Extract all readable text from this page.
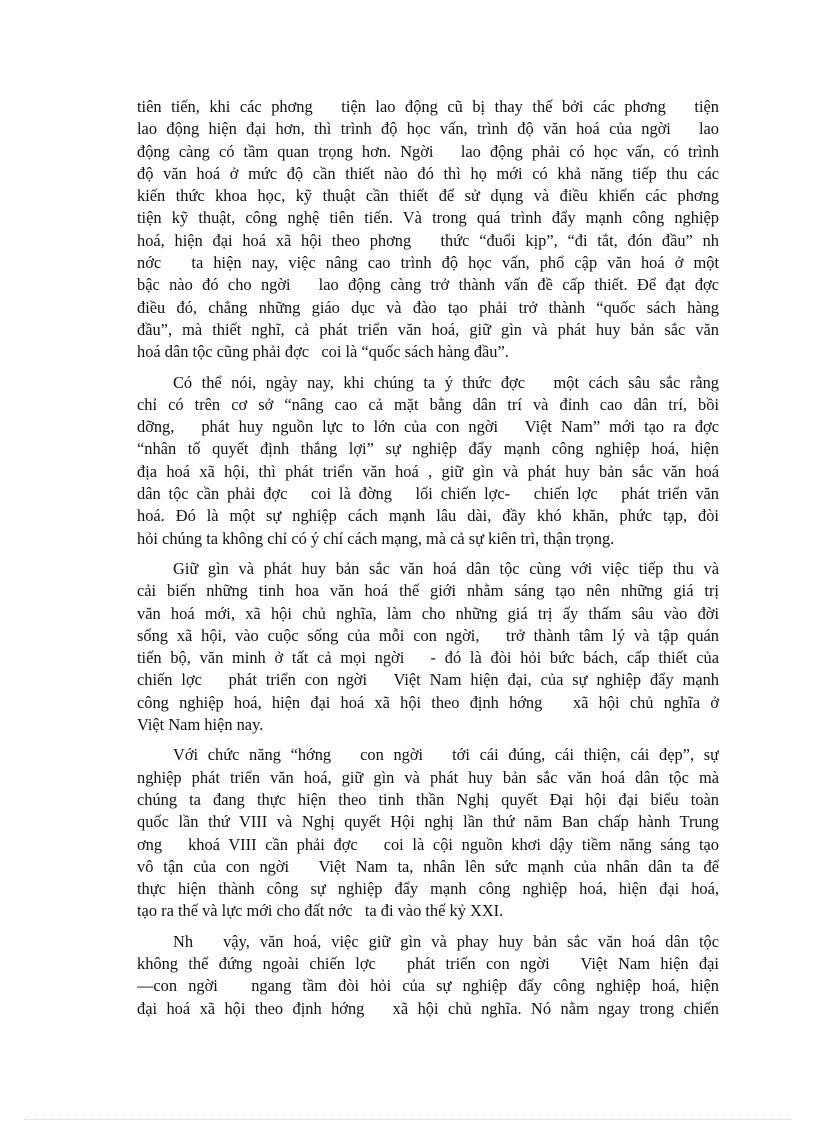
tiên tiến, khi các phơng   tiện lao động cũ bị thay thế bởi các phơng   tiện
lao động hiện đại hơn, thì trình độ học vấn, trình độ văn hoá của ngời   lao
động càng có tầm quan trọng hơn. Ngời   lao động phải có học vấn, có trình
độ văn hoá ở mức độ cần thiết nào đó thì họ mới có khả năng tiếp thu các
kiến thức khoa học, kỹ thuật cần thiết để sử dụng và điều khiển các phơng
tiện kỹ thuật, công nghệ tiên tiến. Và trong quá trình đẩy mạnh công nghiệp
hoá, hiện đại hoá xã hội theo phơng   thức “đuổi kịp”, “đi tắt, đón đầu” nh
nớc   ta hiện nay, việc nâng cao trình độ học vấn, phổ cập văn hoá ở một
bậc nào đó cho ngời   lao động càng trở thành vấn đề cấp thiết. Để đạt đợc
điều đó, chẳng những giáo dục và đào tạo phải trở thành “quốc sách hàng
đầu”, mà thiết nghĩ, cả phát triển văn hoá, giữ gìn và phát huy bản sắc văn
hoá dân tộc cũng phải đợc   coi là “quốc sách hàng đầu”.
Có thể nói, ngày nay, khi chúng ta ý thức đợc   một cách sâu sắc rằng
chỉ có trên cơ sở “nâng cao cả mặt bằng dân trí và đỉnh cao dân trí, bồi
dỡng,   phát huy nguồn lực to lớn của con ngời   Việt Nam” mới tạo ra đợc
“nhân tố quyết định thắng lợi” sự nghiệp đẩy mạnh công nghiệp hoá, hiện
địa hoá xã hội, thì phát triển văn hoá , giữ gìn và phát huy bản sắc văn hoá
dân tộc cần phải đợc   coi là đờng   lối chiến lợc-   chiến lợc   phát triển văn
hoá. Đó là một sự nghiệp cách mạnh lâu dài, đầy khó khăn, phức tạp, đòi
hỏi chúng ta không chỉ có ý chí cách mạng, mà cả sự kiên trì, thận trọng.
Giữ gìn và phát huy bản sắc văn hoá dân tộc cùng với việc tiếp thu và
cải biến những tinh hoa văn hoá thế giới nhằm sáng tạo nên những giá trị
văn hoá mới, xã hội chủ nghĩa, làm cho những giá trị ấy thấm sâu vào đời
sống xã hội, vào cuộc sống của mỗi con ngời,   trở thành tâm lý và tập quán
tiến bộ, văn minh ở tất cả mọi ngời   - đó là đòi hỏi bức bách, cấp thiết của
chiến lợc   phát triển con ngời   Việt Nam hiện đại, của sự nghiệp đẩy mạnh
công nghiệp hoá, hiện đại hoá xã hội theo định hớng   xã hội chủ nghĩa ở
Việt Nam hiện nay.
Với chức năng “hớng   con ngời   tới cái đúng, cái thiện, cái đẹp”, sự
nghiệp phát triển văn hoá, giữ gìn và phát huy bản sắc văn hoá dân tộc mà
chúng ta đang thực hiện theo tinh thần Nghị quyết Đại hội đại biểu toàn
quốc lần thứ VIII và Nghị quyết Hội nghị lần thứ năm Ban chấp hành Trung
ơng   khoá VIII cần phải đợc   coi là cội nguồn khơi dậy tiềm năng sáng tạo
vô tận của con ngời   Việt Nam ta, nhân lên sức mạnh của nhân dân ta để
thực hiện thành công sự nghiệp đẩy mạnh công nghiệp hoá, hiện đại hoá,
tạo ra thế và lực mới cho đất nớc   ta đi vào thế kỷ XXI.
Nh   vậy, văn hoá, việc giữ gìn và phay huy bản sắc văn hoá dân tộc
không thể đứng ngoài chiến lợc   phát triển con ngời   Việt Nam hiện đại
—con ngời   ngang tầm đòi hỏi của sự nghiệp đẩy công nghiệp hoá, hiện
đại hoá xã hội theo định hớng   xã hội chủ nghĩa. Nó nằm ngay trong chiến
